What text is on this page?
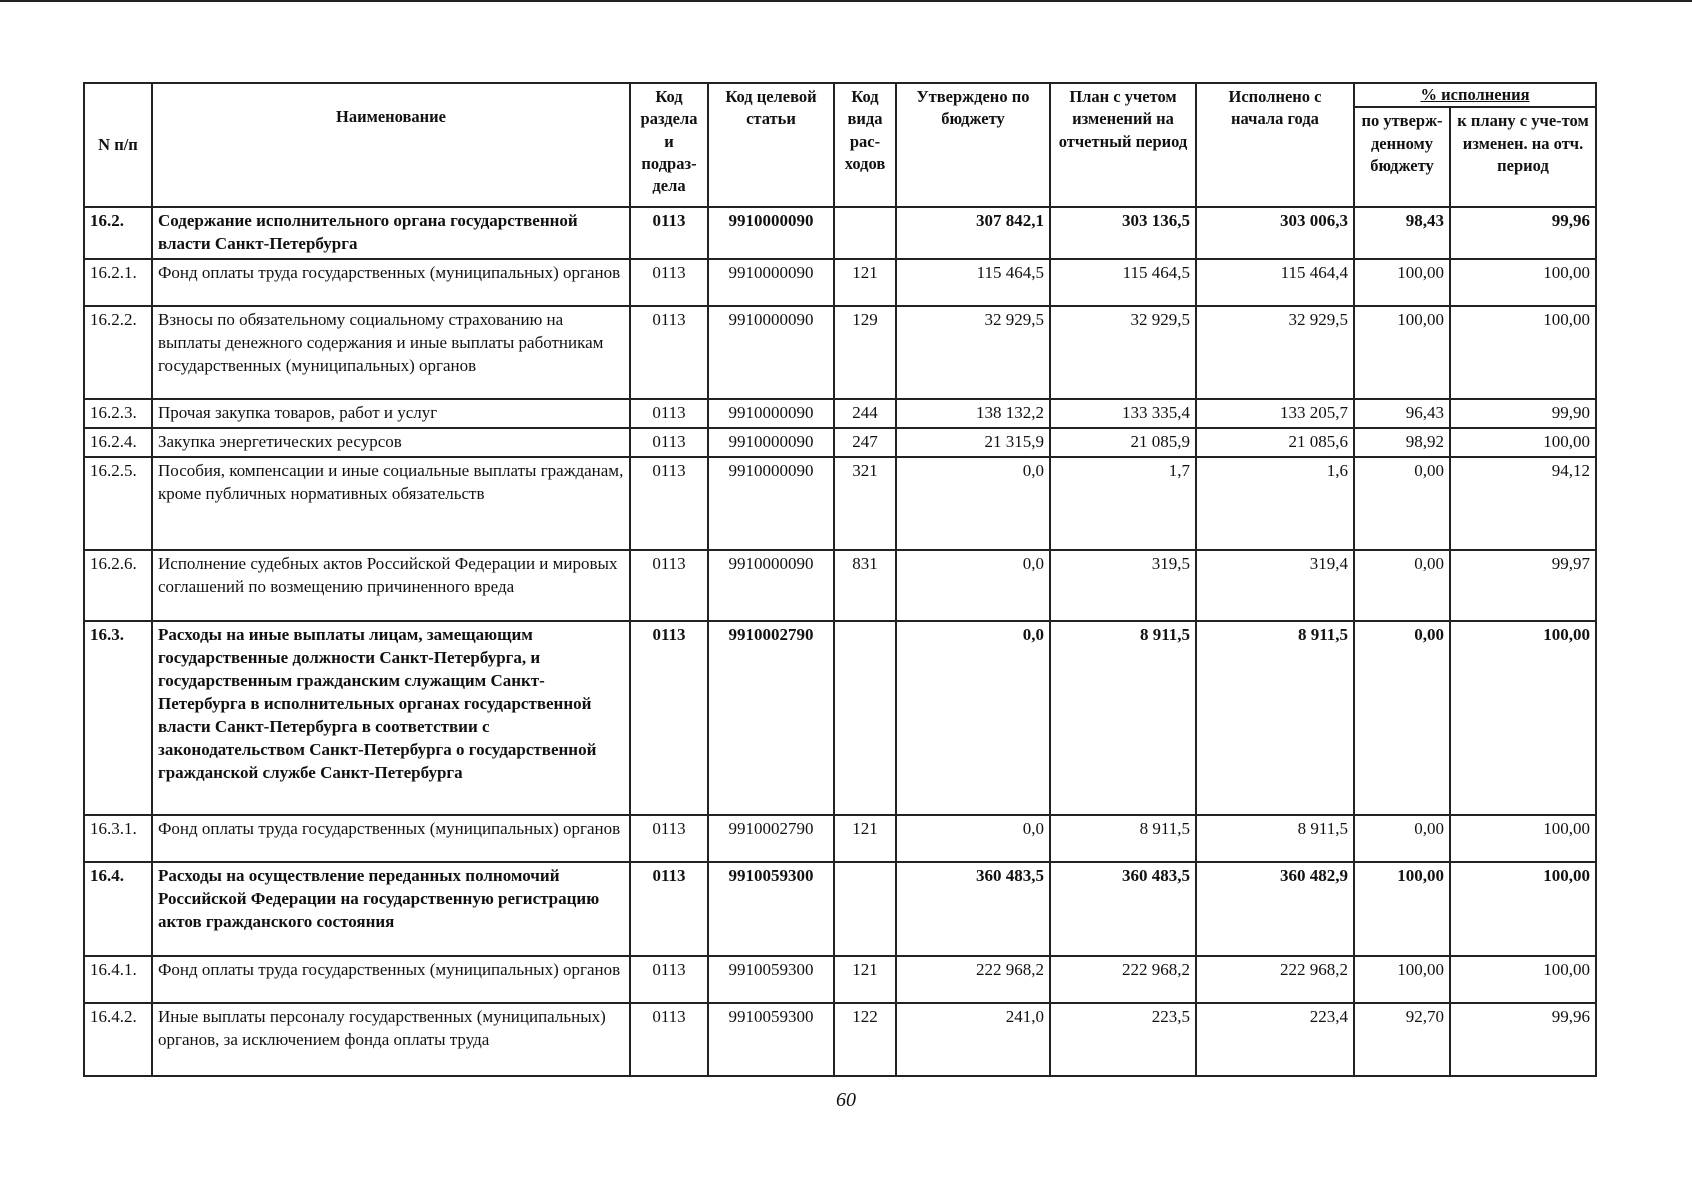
N п/п	Наименование	Код раздела и подраз-дела	Код целевой статьи	Код вида рас-ходов	Утверждено по бюджету	План с учетом изменений на отчетный период	Исполнено с начала года	% исполнения	
								по утверж-денному бюджету	к плану с уче-том изменен. на отч. период
16.2.	Содержание исполнительного органа государственной власти Санкт-Петербурга	0113	9910000090		307 842,1	303 136,5	303 006,3	98,43	99,96
16.2.1.	Фонд оплаты труда государственных (муниципальных) органов	0113	9910000090	121	115 464,5	115 464,5	115 464,4	100,00	100,00
16.2.2.	Взносы по обязательному социальному страхованию на выплаты денежного содержания и иные выплаты работникам государственных (муниципальных) органов	0113	9910000090	129	32 929,5	32 929,5	32 929,5	100,00	100,00
16.2.3.	Прочая закупка товаров, работ и услуг	0113	9910000090	244	138 132,2	133 335,4	133 205,7	96,43	99,90
16.2.4.	Закупка энергетических ресурсов	0113	9910000090	247	21 315,9	21 085,9	21 085,6	98,92	100,00
16.2.5.	Пособия, компенсации и иные социальные выплаты гражданам, кроме публичных нормативных обязательств	0113	9910000090	321	0,0	1,7	1,6	0,00	94,12
16.2.6.	Исполнение судебных актов Российской Федерации и мировых соглашений по возмещению причиненного вреда	0113	9910000090	831	0,0	319,5	319,4	0,00	99,97
16.3.	Расходы на иные выплаты лицам, замещающим государственные должности Санкт-Петербурга, и государственным гражданским служащим Санкт-Петербурга в исполнительных органах государственной власти Санкт-Петербурга в соответствии с законодательством Санкт-Петербурга о государственной гражданской службе Санкт-Петербурга	0113	9910002790		0,0	8 911,5	8 911,5	0,00	100,00
16.3.1.	Фонд оплаты труда государственных (муниципальных) органов	0113	9910002790	121	0,0	8 911,5	8 911,5	0,00	100,00
16.4.	Расходы на осуществление переданных полномочий Российской Федерации на государственную регистрацию актов гражданского состояния	0113	9910059300		360 483,5	360 483,5	360 482,9	100,00	100,00
16.4.1.	Фонд оплаты труда государственных (муниципальных) органов	0113	9910059300	121	222 968,2	222 968,2	222 968,2	100,00	100,00
16.4.2.	Иные выплаты персоналу государственных (муниципальных) органов, за исключением фонда оплаты труда	0113	9910059300	122	241,0	223,5	223,4	92,70	99,96
60
